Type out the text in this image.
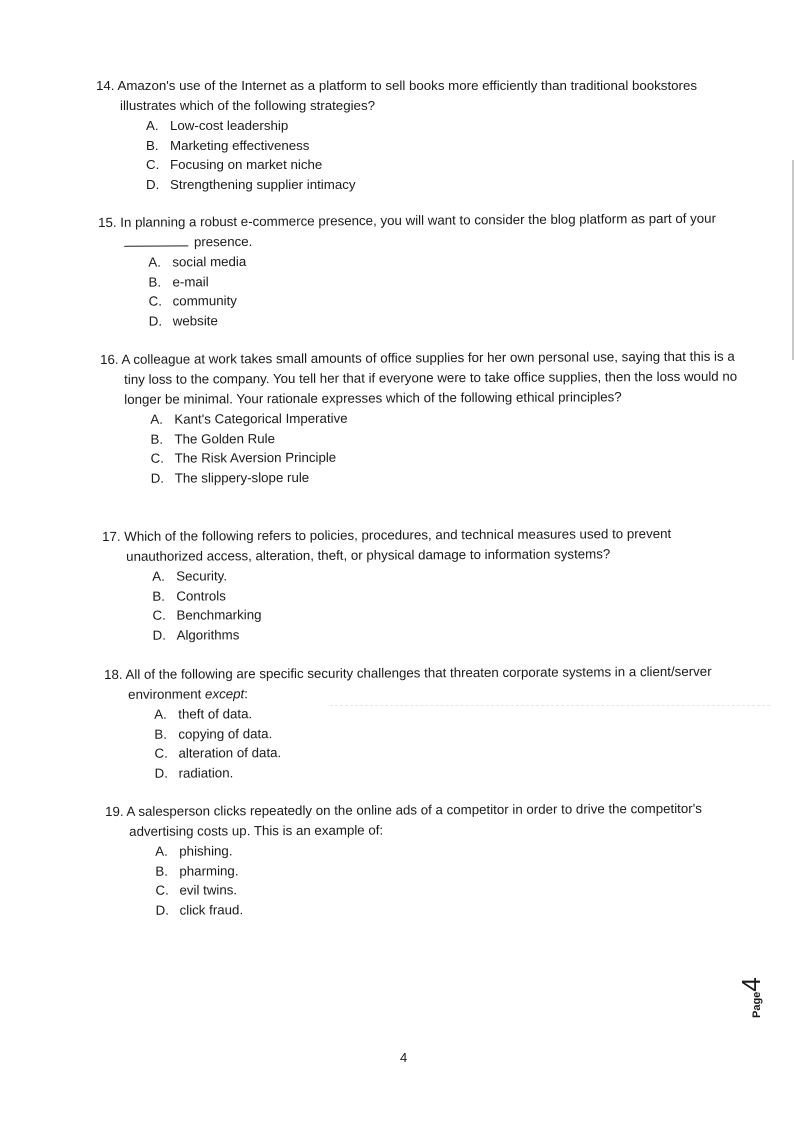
14. Amazon's use of the Internet as a platform to sell books more efficiently than traditional bookstores illustrates which of the following strategies?
A. Low-cost leadership
B. Marketing effectiveness
C. Focusing on market niche
D. Strengthening supplier intimacy
15. In planning a robust e-commerce presence, you will want to consider the blog platform as part of your  presence.
A. social media
B. e-mail
C. community
D. website
16. A colleague at work takes small amounts of office supplies for her own personal use, saying that this is a tiny loss to the company. You tell her that if everyone were to take office supplies, then the loss would no longer be minimal. Your rationale expresses which of the following ethical principles?
A. Kant's Categorical Imperative
B. The Golden Rule
C. The Risk Aversion Principle
D. The slippery-slope rule
17. Which of the following refers to policies, procedures, and technical measures used to prevent unauthorized access, alteration, theft, or physical damage to information systems?
A. Security.
B. Controls
C. Benchmarking
D. Algorithms
18. All of the following are specific security challenges that threaten corporate systems in a client/server environment except:
A. theft of data.
B. copying of data.
C. alteration of data.
D. radiation.
19. A salesperson clicks repeatedly on the online ads of a competitor in order to drive the competitor's advertising costs up. This is an example of:
A. phishing.
B. pharming.
C. evil twins.
D. click fraud.
4
Page4
